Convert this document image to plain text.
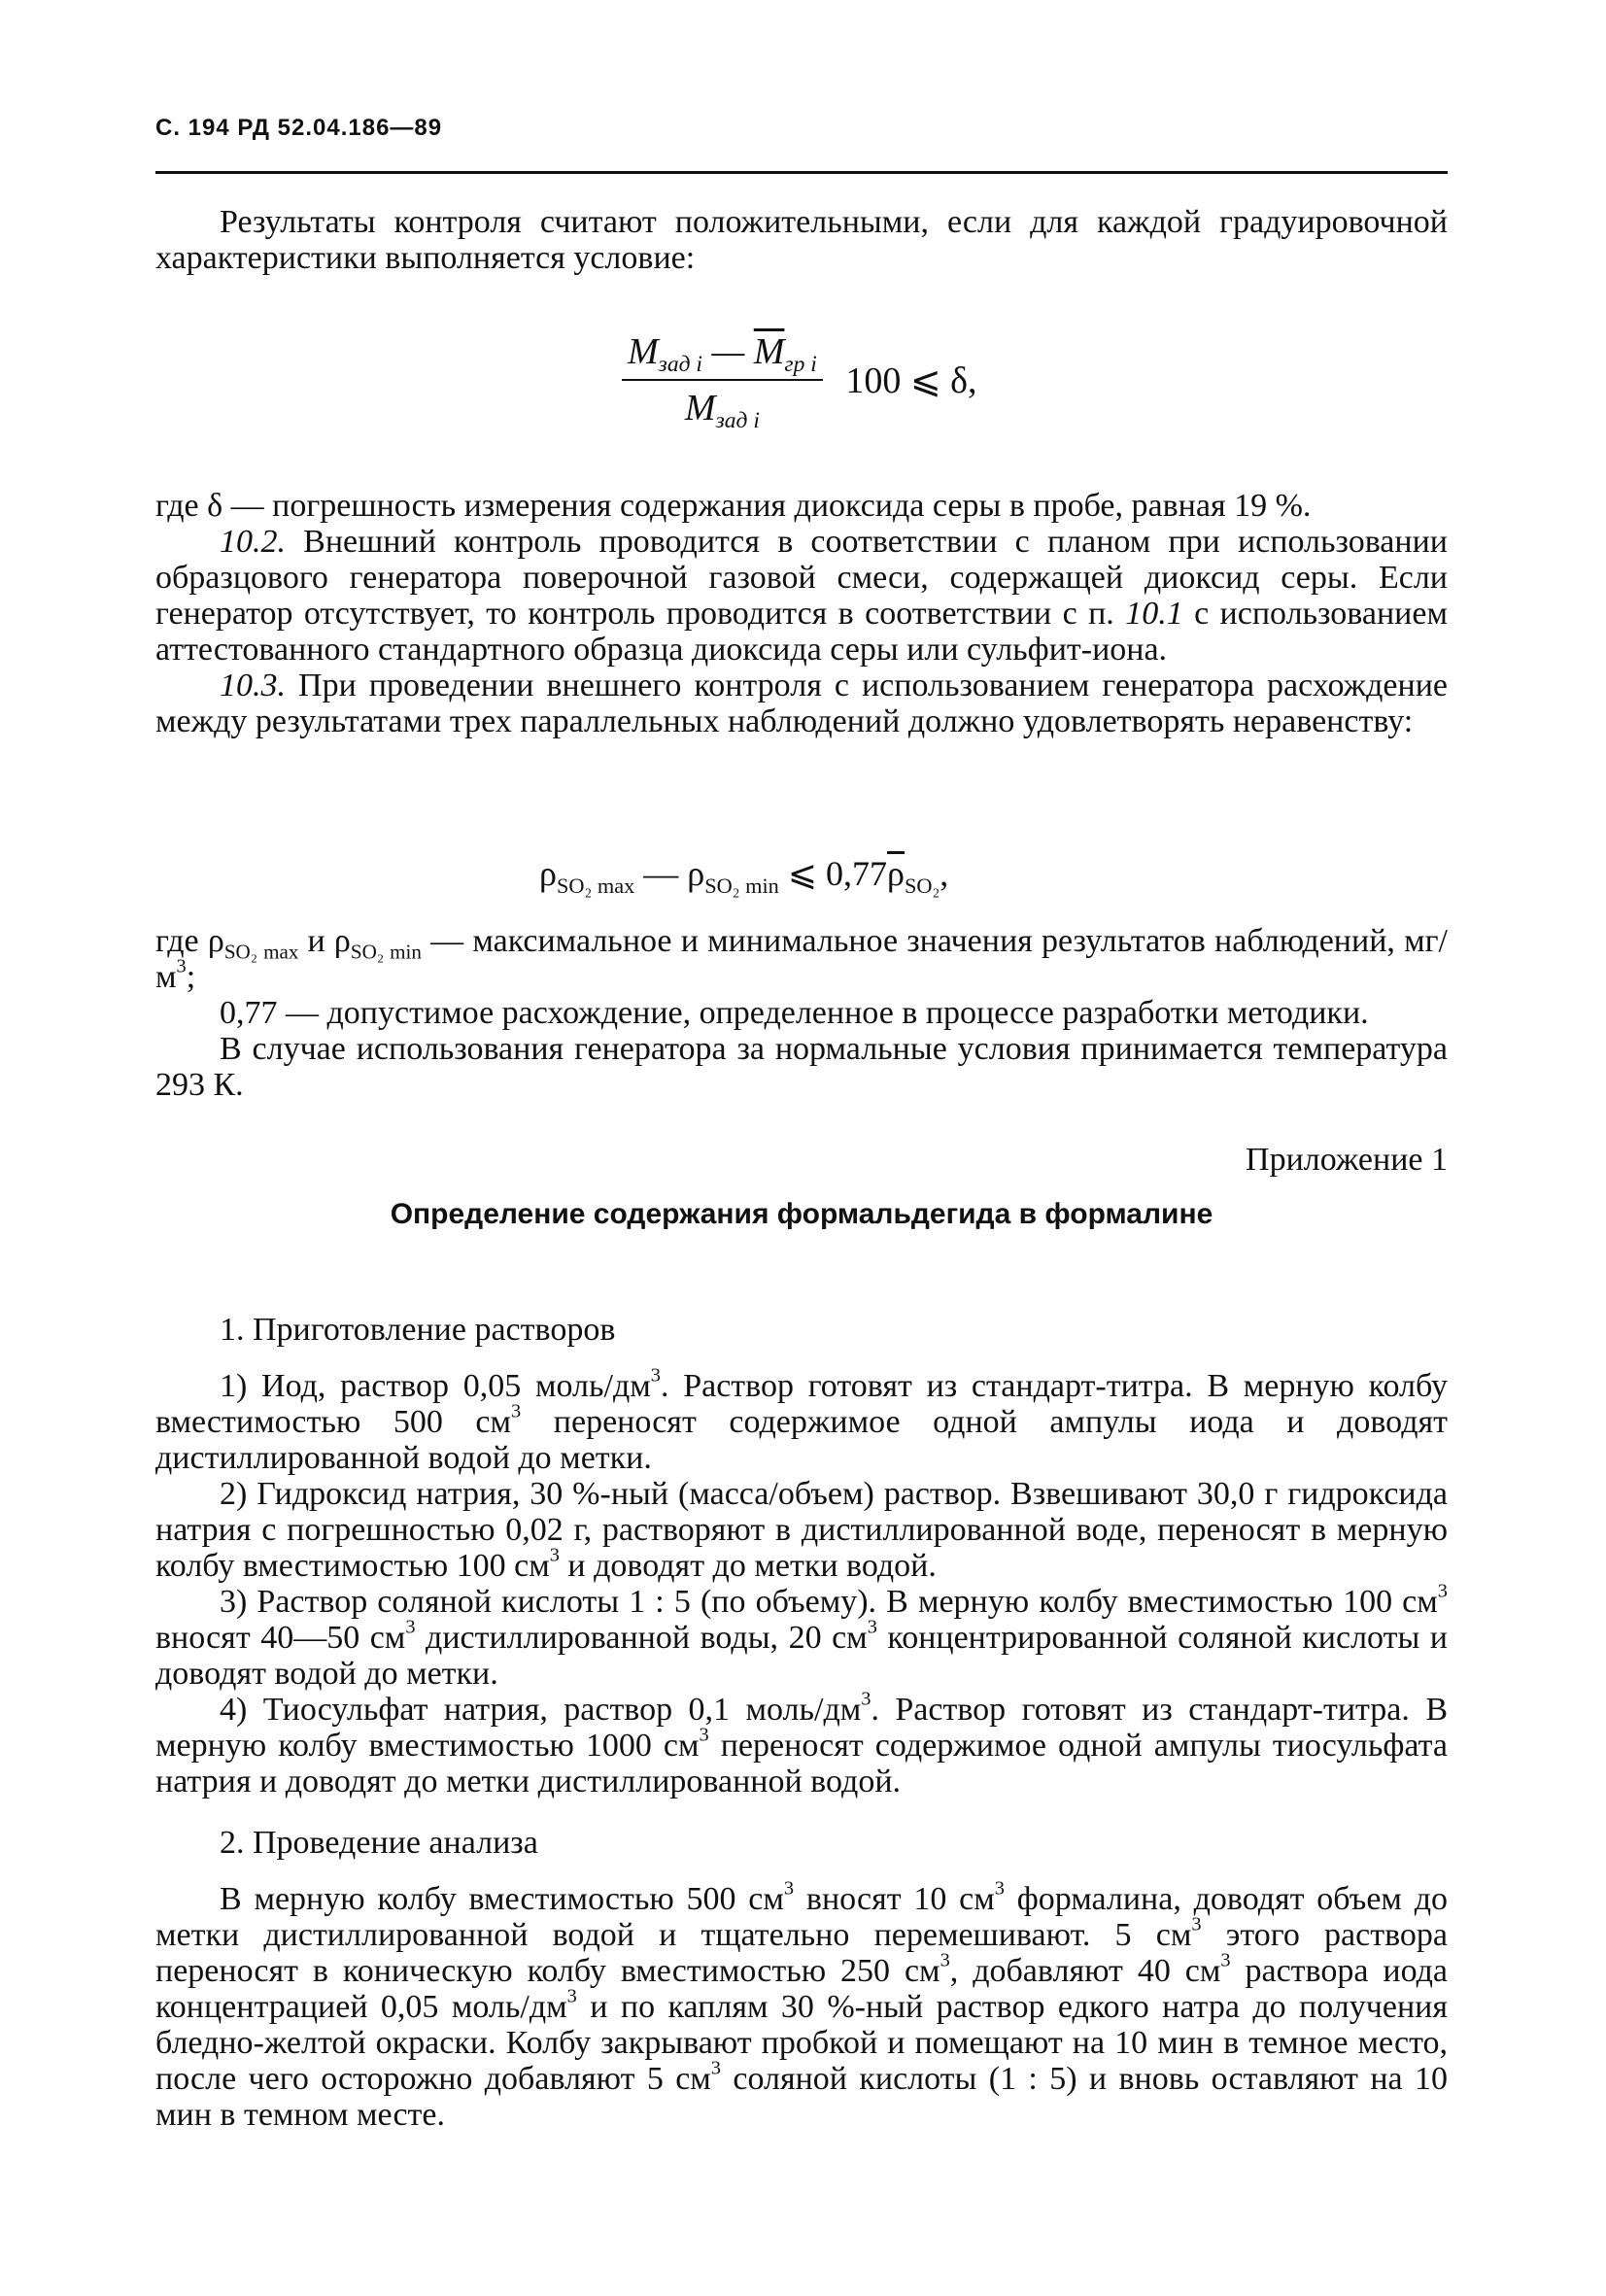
С. 194 РД 52.04.186—89

Результаты контроля считают положительными, если для каждой градуировочной характеристики выполняется условие:

$\frac{M_{зад i} — \overline{M}_{гр i}}{M_{зад i}} 100$ ⩽ δ,

где δ — погрешность измерения содержания диоксида серы в пробе, равная 19 %.

10.2. Внешний контроль проводится в соответствии с планом при использовании образцового генератора поверочной газовой смеси, содержащей диоксид серы. Если генератор отсутствует, то контроль проводится в соответствии с п. 10.1 с использованием аттестованного стандартного образца диоксида серы или сульфит-иона.

10.3. При проведении внешнего контроля с использованием генератора расхождение между результатами трех параллельных наблюдений должно удовлетворять неравенству:

$\rho_{SO_2 max}$ — $\rho_{SO_2 min}$ ⩽ $0,77\overline{\rho}_{SO_2}$,

где $\rho_{SO_2 max}$ и $\rho_{SO_2 min}$ — максимальное и минимальное значения результатов наблюдений, $мг/м^3$;

0,77 — допустимое расхождение, определенное в процессе разработки методики.

В случае использования генератора за нормальные условия принимается температура 293 К.

Приложение 1
Определение содержания формальдегида в формалине
1. Приготовление растворов

1) Иод, раствор 0,05 моль/$дм^3$. Раствор готовят из стандарт-титра. В мерную колбу вместимостью 500 $см^3$ переносят содержимое одной ампулы иода и доводят дистиллированной водой до метки.

2) Гидроксид натрия, 30 %-ный (масса/объем) раствор. Взвешивают 30,0 г гидроксида натрия с погрешностью 0,02 г, растворяют в дистиллированной воде, переносят в мерную колбу вместимостью 100 $см^3$ и доводят до метки водой.

3) Раствор соляной кислоты 1 : 5 (по объему). В мерную колбу вместимостью 100 $см^3$ вносят 40—50 $см^3$ дистиллированной воды, 20 $см^3$ концентрированной соляной кислоты и доводят водой до метки.

4) Тиосульфат натрия, раствор 0,1 моль/$дм^3$. Раствор готовят из стандарт-титра. В мерную колбу вместимостью 1000 $см^3$ переносят содержимое одной ампулы тиосульфата натрия и доводят до метки дистиллированной водой.

2. Проведение анализа

В мерную колбу вместимостью 500 $см^3$ вносят 10 $см^3$ формалина, доводят объем до метки дистиллированной водой и тщательно перемешивают. 5 $см^3$ этого раствора переносят в коническую колбу вместимостью 250 $см^3$, добавляют 40 $см^3$ раствора иода концентрацией 0,05 моль/$дм^3$ и по каплям 30 %-ный раствор едкого натра до получения бледно-желтой окраски. Колбу закрывают пробкой и помещают на 10 мин в темное место, после чего осторожно добавляют 5 $см^3$ соляной кислоты (1 : 5) и вновь оставляют на 10 мин в темном месте.
